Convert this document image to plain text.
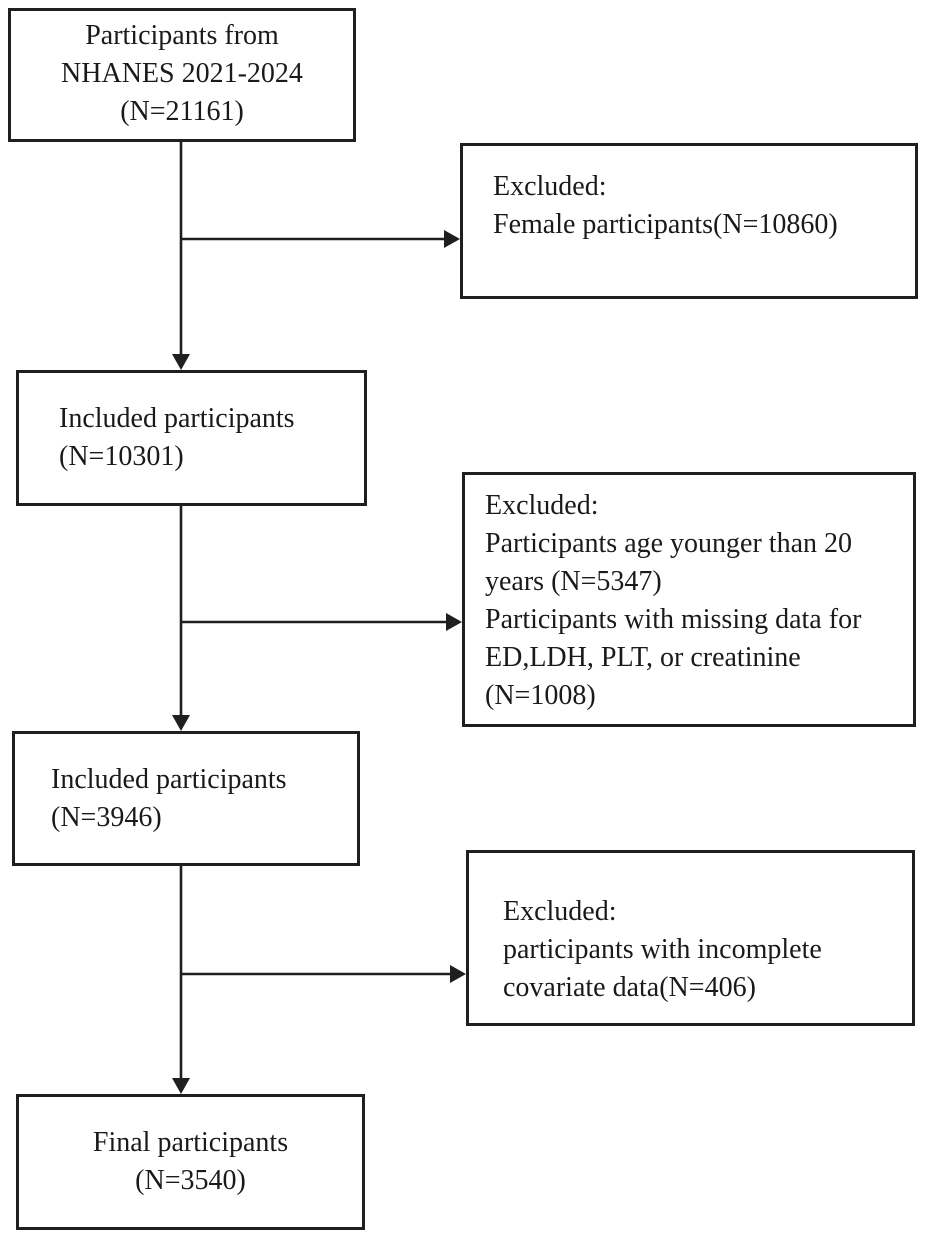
Participants from
NHANES 2021-2024
(N=21161)
Excluded:
Female participants(N=10860)
Included participants
(N=10301)
Excluded:
Participants age younger than 20
years (N=5347)
Participants with missing data for
ED,LDH, PLT, or creatinine
(N=1008)
Included participants
(N=3946)
Excluded:
participants with incomplete
covariate data(N=406)
Final participants
(N=3540)
